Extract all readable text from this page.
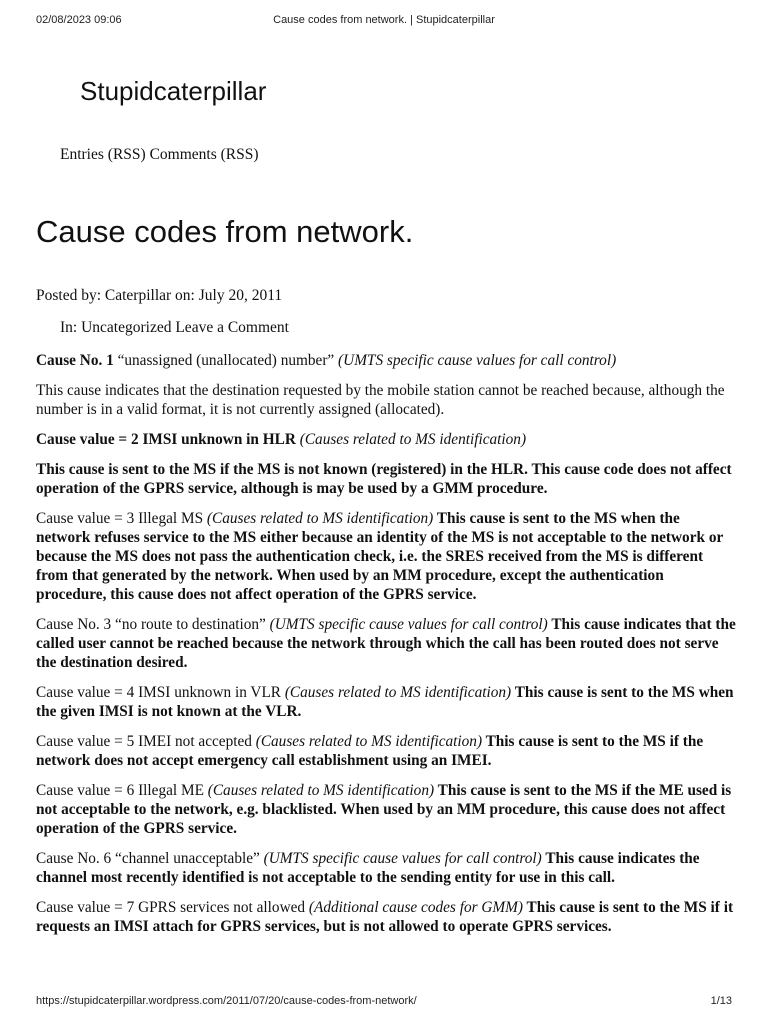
02/08/2023 09:06	Cause codes from network. | Stupidcaterpillar
Stupidcaterpillar
Entries (RSS) Comments (RSS)
Cause codes from network.
Posted by: Caterpillar on: July 20, 2011
In: Uncategorized Leave a Comment

Cause No. 1 “unassigned (unallocated) number” (UMTS specific cause values for call control)

This cause indicates that the destination requested by the mobile station cannot be reached because, although the number is in a valid format, it is not currently assigned (allocated).

Cause value = 2 IMSI unknown in HLR (Causes related to MS identification)

This cause is sent to the MS if the MS is not known (registered) in the HLR. This cause code does not affect operation of the GPRS service, although is may be used by a GMM procedure.

Cause value = 3 Illegal MS (Causes related to MS identification) This cause is sent to the MS when the network refuses service to the MS either because an identity of the MS is not acceptable to the network or because the MS does not pass the authentication check, i.e. the SRES received from the MS is different from that generated by the network. When used by an MM procedure, except the authentication procedure, this cause does not affect operation of the GPRS service.

Cause No. 3 “no route to destination” (UMTS specific cause values for call control) This cause indicates that the called user cannot be reached because the network through which the call has been routed does not serve the destination desired.

Cause value = 4 IMSI unknown in VLR (Causes related to MS identification) This cause is sent to the MS when the given IMSI is not known at the VLR.

Cause value = 5 IMEI not accepted (Causes related to MS identification) This cause is sent to the MS if the network does not accept emergency call establishment using an IMEI.

Cause value = 6 Illegal ME (Causes related to MS identification) This cause is sent to the MS if the ME used is not acceptable to the network, e.g. blacklisted. When used by an MM procedure, this cause does not affect operation of the GPRS service.

Cause No. 6 “channel unacceptable” (UMTS specific cause values for call control) This cause indicates the channel most recently identified is not acceptable to the sending entity for use in this call.

Cause value = 7 GPRS services not allowed (Additional cause codes for GMM) This cause is sent to the MS if it requests an IMSI attach for GPRS services, but is not allowed to operate GPRS services.

https://stupidcaterpillar.wordpress.com/2011/07/20/cause-codes-from-network/	1/13
